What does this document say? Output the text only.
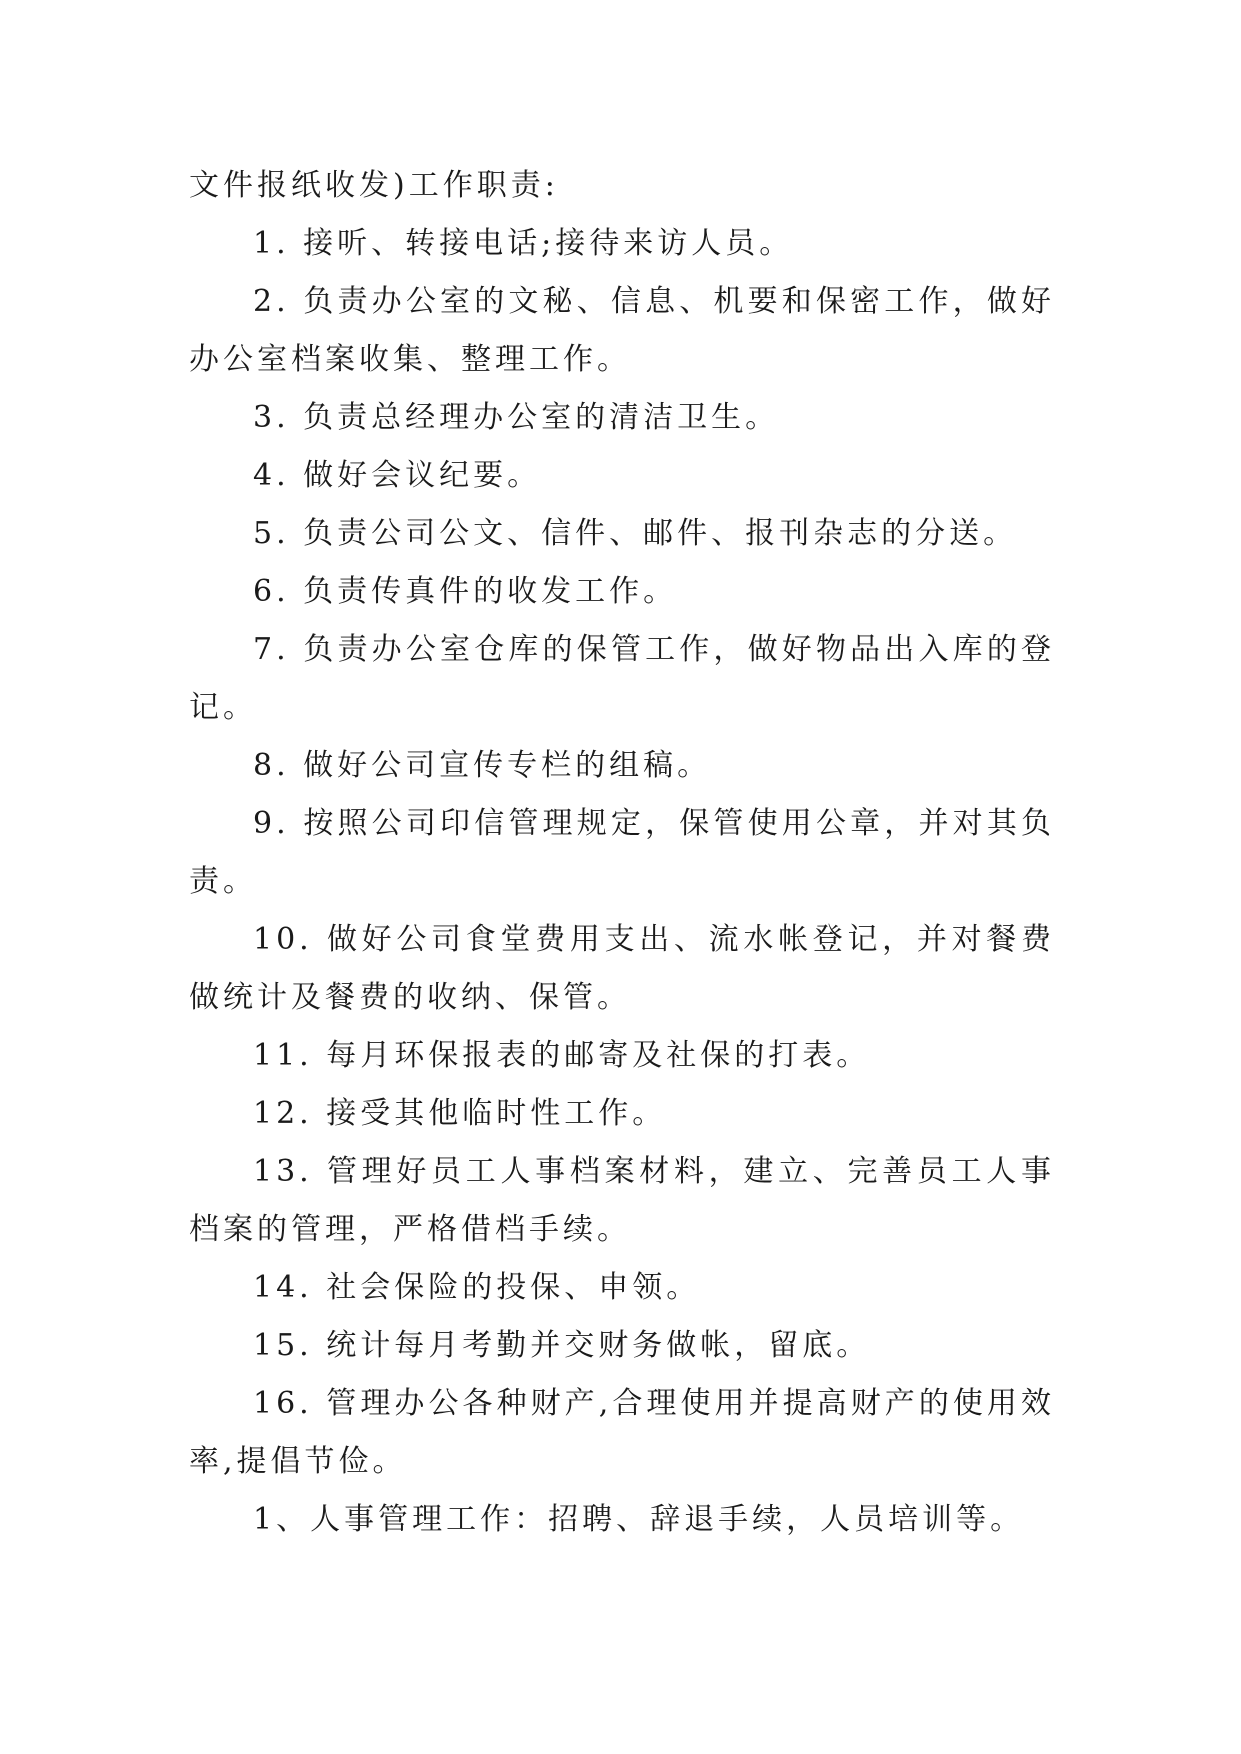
文件报纸收发)工作职责:

1. 接听、转接电话;接待来访人员。

2. 负责办公室的文秘、信息、机要和保密工作，做好办公室档案收集、整理工作。

3. 负责总经理办公室的清洁卫生。

4. 做好会议纪要。

5. 负责公司公文、信件、邮件、报刊杂志的分送。

6. 负责传真件的收发工作。

7. 负责办公室仓库的保管工作，做好物品出入库的登记。

8. 做好公司宣传专栏的组稿。

9. 按照公司印信管理规定，保管使用公章，并对其负责。

10. 做好公司食堂费用支出、流水帐登记，并对餐费做统计及餐费的收纳、保管。

11. 每月环保报表的邮寄及社保的打表。

12. 接受其他临时性工作。

13. 管理好员工人事档案材料，建立、完善员工人事档案的管理，严格借档手续。

14. 社会保险的投保、申领。

15. 统计每月考勤并交财务做帐，留底。

16. 管理办公各种财产,合理使用并提高财产的使用效率,提倡节俭。

1、人事管理工作：招聘、辞退手续，人员培训等。
